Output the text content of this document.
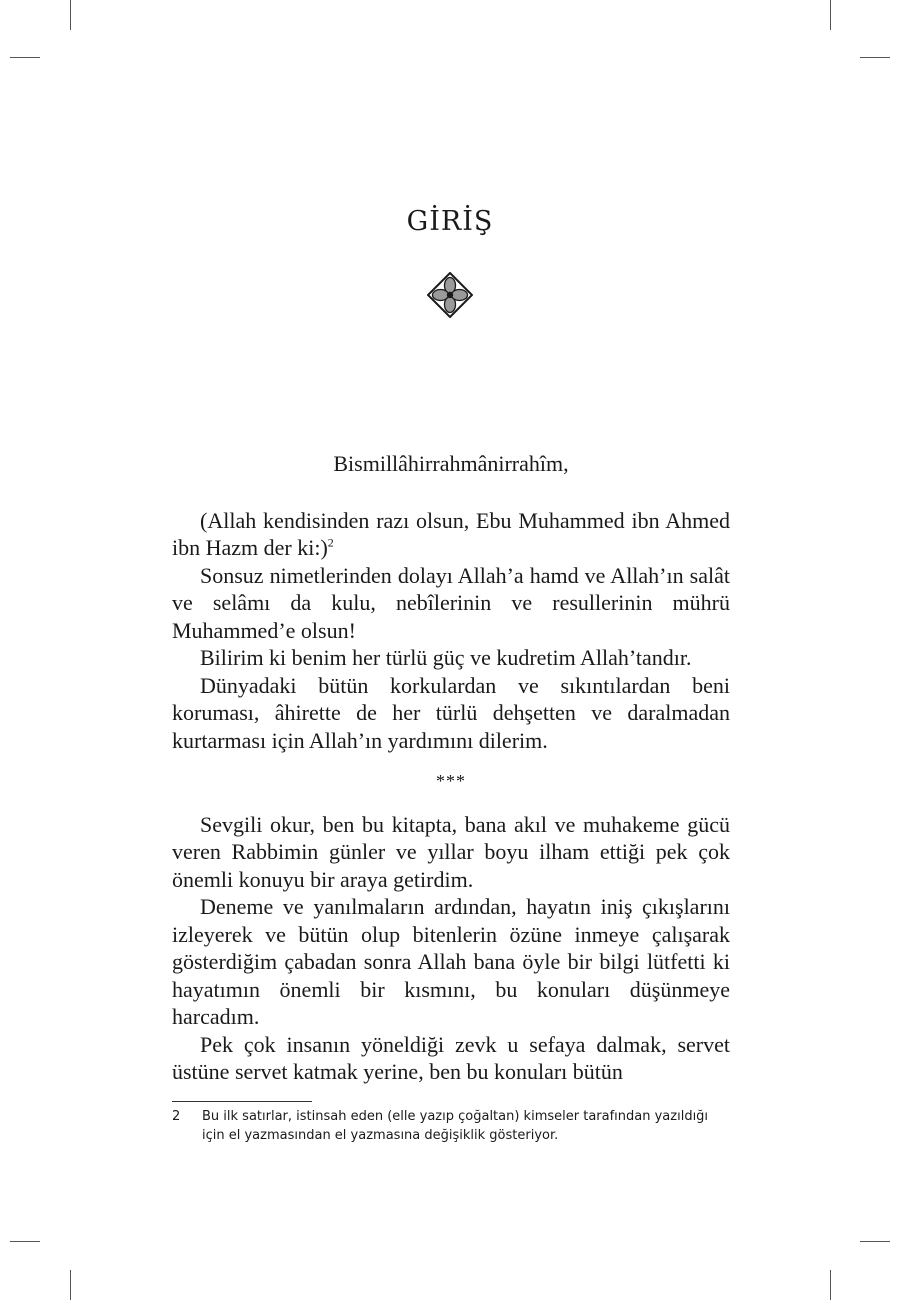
GİRİŞ

Bismillâhirrahmânirrahîm,

(Allah kendisinden razı olsun, Ebu Muhammed ibn Ahmed ibn Hazm der ki:)$^2$

Sonsuz nimetlerinden dolayı Allah’a hamd ve Allah’ın salât ve selâmı da kulu, nebîlerinin ve resullerinin mührü Muhammed’e olsun!

Bilirim ki benim her türlü güç ve kudretim Allah’tandır.

Dünyadaki bütün korkulardan ve sıkıntılardan beni koruması, âhirette de her türlü dehşetten ve daralmadan kurtarması için Allah’ın yardımını dilerim.

***

Sevgili okur, ben bu kitapta, bana akıl ve muhakeme gücü veren Rabbimin günler ve yıllar boyu ilham ettiği pek çok önemli konuyu bir araya getirdim.

Deneme ve yanılmaların ardından, hayatın iniş çıkışlarını izleyerek ve bütün olup bitenlerin özüne inmeye çalışarak gösterdiğim çabadan sonra Allah bana öyle bir bilgi lütfetti ki hayatımın önemli bir kısmını, bu konuları düşünmeye harcadım.

Pek çok insanın yöneldiği zevk u sefaya dalmak, servet üstüne servet katmak yerine, ben bu konuları bütün

2 Bu ilk satırlar, istinsah eden (elle yazıp çoğaltan) kimseler tarafından yazıldığı için el yazmasından el yazmasına değişiklik gösteriyor.
